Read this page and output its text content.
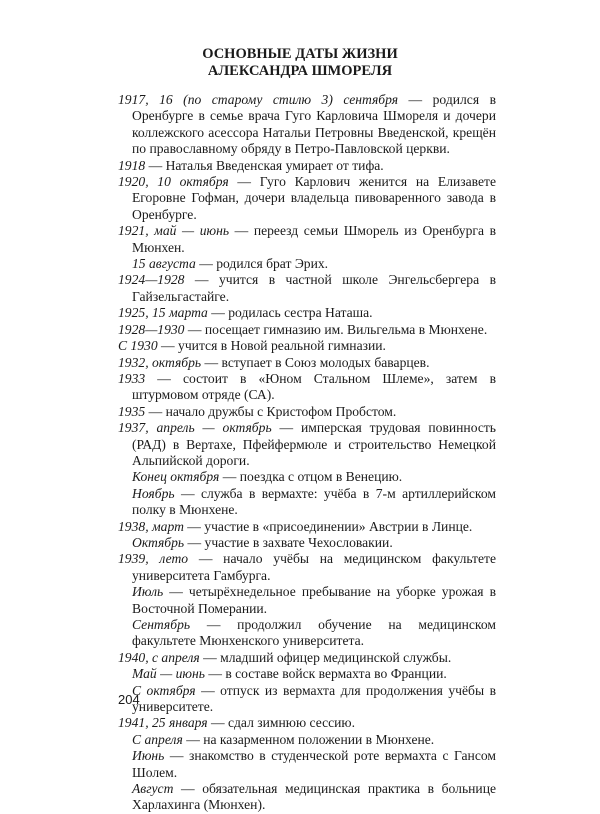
ОСНОВНЫЕ ДАТЫ ЖИЗНИ
АЛЕКСАНДРА ШМОРЕЛЯ
1917, 16 (по старому стилю 3) сентября — родился в Оренбурге в семье врача Гуго Карловича Шмореля и дочери коллежского асессора Натальи Петровны Введенской, крещён по православному обряду в Петро-Павловской церкви.
1918 — Наталья Введенская умирает от тифа.
1920, 10 октября — Гуго Карлович женится на Елизавете Егоровне Гофман, дочери владельца пивоваренного завода в Оренбурге.
1921, май — июнь — переезд семьи Шморель из Оренбурга в Мюнхен.
15 августа — родился брат Эрих.
1924—1928 — учится в частной школе Энгельсбергера в Гайзельгастайге.
1925, 15 марта — родилась сестра Наташа.
1928—1930 — посещает гимназию им. Вильгельма в Мюнхене.
С 1930 — учится в Новой реальной гимназии.
1932, октябрь — вступает в Союз молодых баварцев.
1933 — состоит в «Юном Стальном Шлеме», затем в штурмовом отряде (СА).
1935 — начало дружбы с Кристофом Пробстом.
1937, апрель — октябрь — имперская трудовая повинность (РАД) в Вертахе, Пфейфермюле и строительство Немецкой Альпийской дороги.
Конец октября — поездка с отцом в Венецию.
Ноябрь — служба в вермахте: учёба в 7-м артиллерийском полку в Мюнхене.
1938, март — участие в «присоединении» Австрии в Линце.
Октябрь — участие в захвате Чехословакии.
1939, лето — начало учёбы на медицинском факультете университета Гамбурга.
Июль — четырёхнедельное пребывание на уборке урожая в Восточной Померании.
Сентябрь — продолжил обучение на медицинском факультете Мюнхенского университета.
1940, с апреля — младший офицер медицинской службы.
Май — июнь — в составе войск вермахта во Франции.
С октября — отпуск из вермахта для продолжения учёбы в университете.
1941, 25 января — сдал зимнюю сессию.
С апреля — на казарменном положении в Мюнхене.
Июнь — знакомство в студенческой роте вермахта с Гансом Шолем.
Август — обязательная медицинская практика в больнице Харлахинга (Мюнхен).
204
